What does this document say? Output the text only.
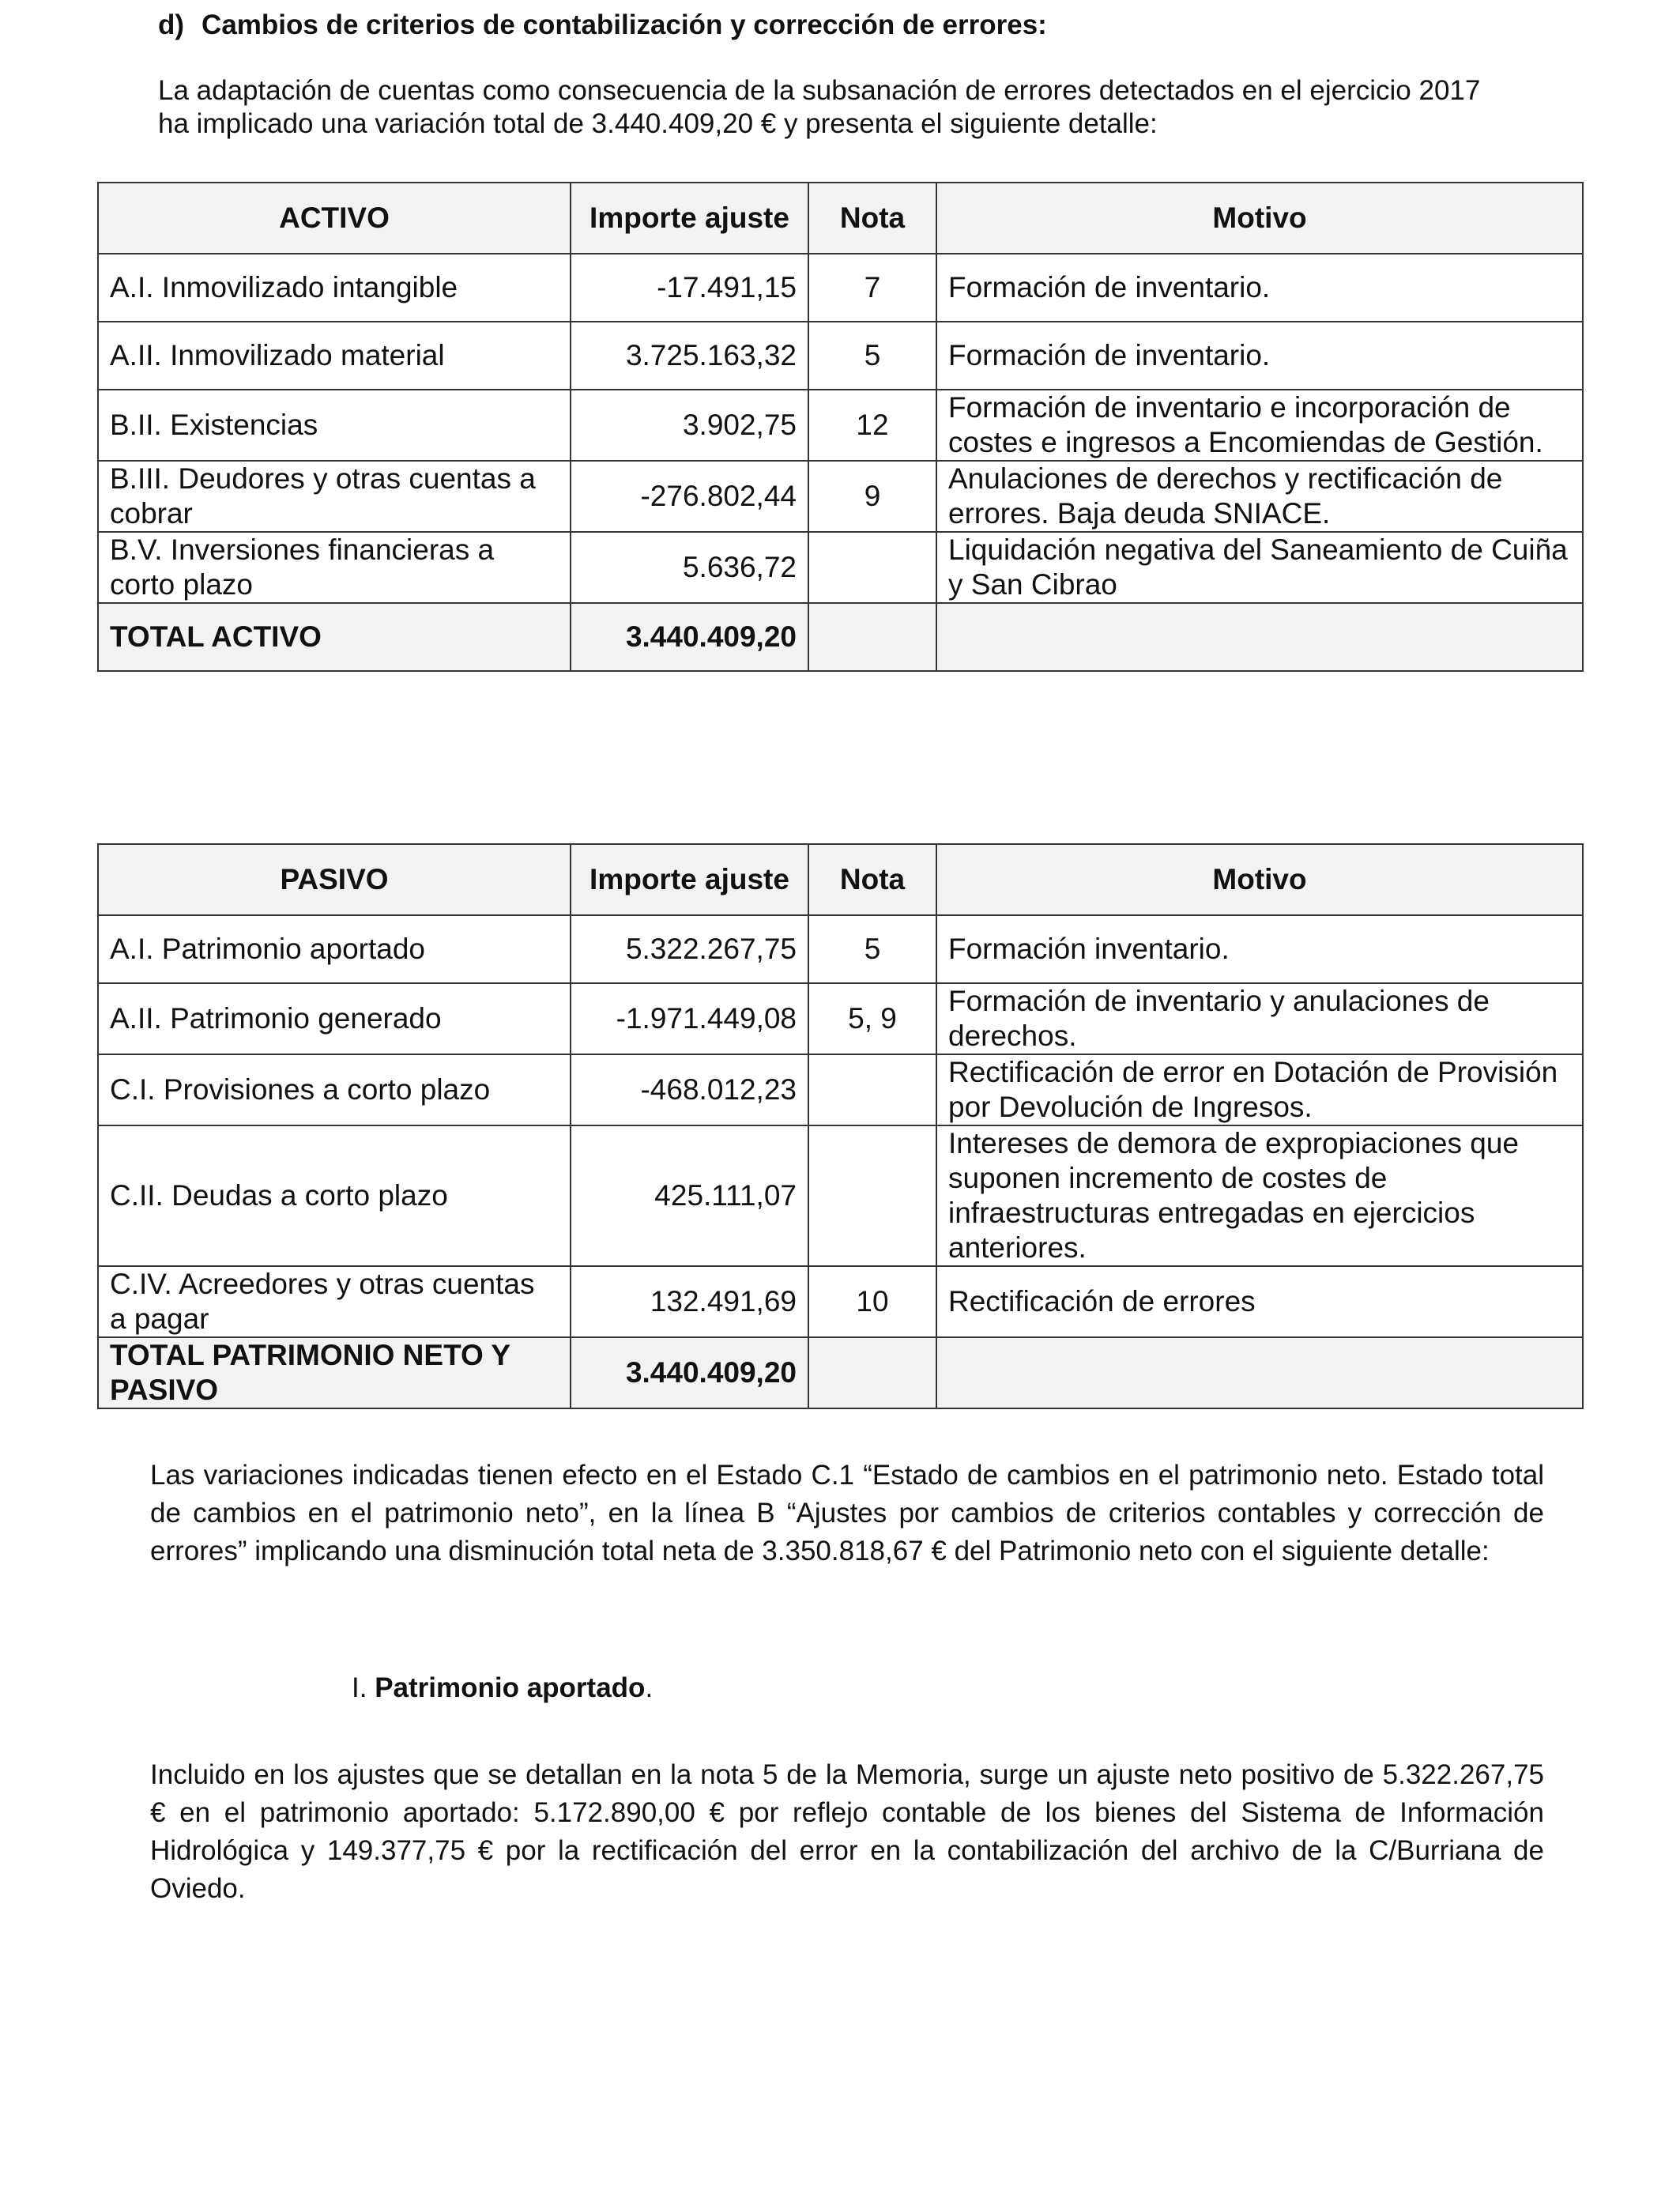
d) Cambios de criterios de contabilización y corrección de errores:
La adaptación de cuentas como consecuencia de la subsanación de errores detectados en el ejercicio 2017
ha implicado una variación total de 3.440.409,20 € y presenta el siguiente detalle:
ACTIVO	Importe ajuste	Nota	Motivo
A.I. Inmovilizado intangible	-17.491,15	7	Formación de inventario.
A.II. Inmovilizado material	3.725.163,32	5	Formación de inventario.
B.II. Existencias	3.902,75	12	Formación de inventario e incorporación de costes e ingresos a Encomiendas de Gestión.
B.III. Deudores y otras cuentas a cobrar	-276.802,44	9	Anulaciones de derechos y rectificación de errores. Baja deuda SNIACE.
B.V. Inversiones financieras a corto plazo	5.636,72		Liquidación negativa del Saneamiento de Cuiña y San Cibrao
TOTAL ACTIVO	3.440.409,20		
PASIVO	Importe ajuste	Nota	Motivo
A.I. Patrimonio aportado	5.322.267,75	5	Formación inventario.
A.II. Patrimonio generado	-1.971.449,08	5, 9	Formación de inventario y anulaciones de derechos.
C.I. Provisiones a corto plazo	-468.012,23		Rectificación de error en Dotación de Provisión por Devolución de Ingresos.
C.II. Deudas a corto plazo	425.111,07		Intereses de demora de expropiaciones que suponen incremento de costes de infraestructuras entregadas en ejercicios anteriores.
C.IV. Acreedores y otras cuentas a pagar	132.491,69	10	Rectificación de errores
TOTAL PATRIMONIO NETO Y PASIVO	3.440.409,20		

Las variaciones indicadas tienen efecto en el Estado C.1 “Estado de cambios en el patrimonio neto. Estado total de cambios en el patrimonio neto”, en la línea B “Ajustes por cambios de criterios contables y corrección de errores” implicando una disminución total neta de 3.350.818,67 € del Patrimonio neto con el siguiente detalle:

I. Patrimonio aportado.

Incluido en los ajustes que se detallan en la nota 5 de la Memoria, surge un ajuste neto positivo de 5.322.267,75 € en el patrimonio aportado: 5.172.890,00 € por reflejo contable de los bienes del Sistema de Información Hidrológica y 149.377,75 € por la rectificación del error en la contabilización del archivo de la C/Burriana de Oviedo.
